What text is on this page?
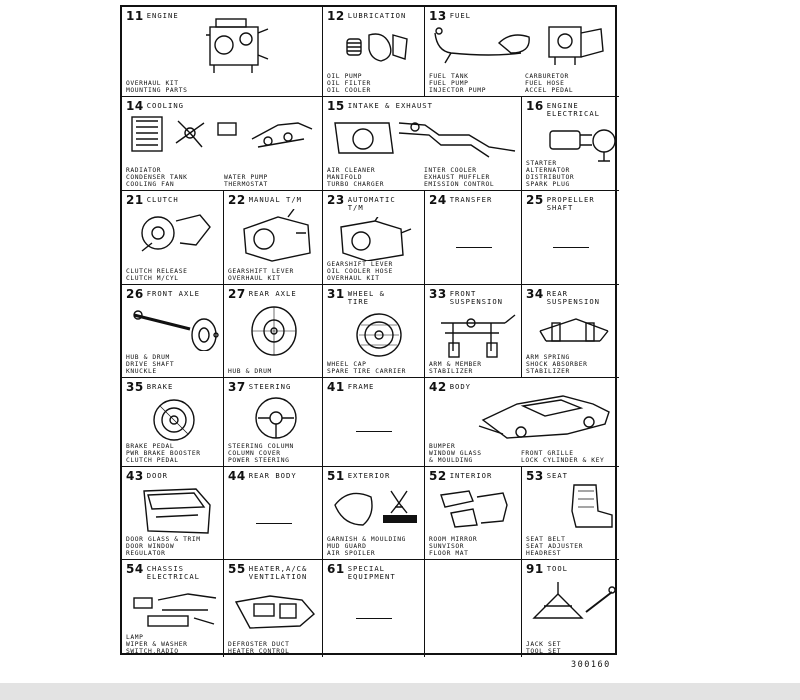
11 ENGINE
OVERHAUL KIT
MOUNTING PARTS
12 LUBRICATION
OIL PUMP
OIL FILTER
OIL COOLER
13 FUEL
FUEL TANK
FUEL PUMP
INJECTOR PUMP
CARBURETOR
FUEL HOSE
ACCEL PEDAL
14 COOLING
RADIATOR
CONDENSER TANK
COOLING FAN
WATER PUMP
THERMOSTAT
15 INTAKE & EXHAUST
AIR CLEANER
MANIFOLD
TURBO CHARGER
INTER COOLER
EXHAUST MUFFLER
EMISSION CONTROL
16 ENGINE
ELECTRICAL
STARTER
ALTERNATOR
DISTRIBUTOR
SPARK PLUG
21 CLUTCH
CLUTCH RELEASE
CLUTCH M/CYL
22 MANUAL T/M
GEARSHIFT LEVER
OVERHAUL KIT
23 AUTOMATIC
T/M
GEARSHIFT LEVER
OIL COOLER HOSE
OVERHAUL KIT
24 TRANSFER	25 PROPELLER
SHAFT
26 FRONT AXLE
HUB & DRUM
DRIVE SHAFT
KNUCKLE
27 REAR AXLE
HUB & DRUM
31 WHEEL &
TIRE
WHEEL CAP
SPARE TIRE CARRIER
33 FRONT
SUSPENSION
ARM & MEMBER
STABILIZER
34 REAR
SUSPENSION
ARM SPRING
SHOCK ABSORBER
STABILIZER
35 BRAKE
BRAKE PEDAL
PWR BRAKE BOOSTER
CLUTCH PEDAL
37 STEERING
STEERING COLUMN
COLUMN COVER
POWER STEERING
41 FRAME	42 BODY
BUMPER
WINDOW GLASS
& MOULDING
FRONT GRILLE
LOCK CYLINDER & KEY
43 DOOR
DOOR GLASS & TRIM
DOOR WINDOW
REGULATOR
44 REAR BODY	51 EXTERIOR
GARNISH & MOULDING
MUD GUARD
AIR SPOILER
52 INTERIOR
ROOM MIRROR
SUNVISOR
FLOOR MAT
53 SEAT
SEAT BELT
SEAT ADJUSTER
HEADREST
54 CHASSIS
ELECTRICAL
LAMP
WIPER & WASHER
SWITCH,RADIO
55 HEATER,A/C&
VENTILATION
DEFROSTER DUCT
HEATER CONTROL
61 SPECIAL
EQUIPMENT
91 TOOL
JACK SET
TOOL SET
300160
